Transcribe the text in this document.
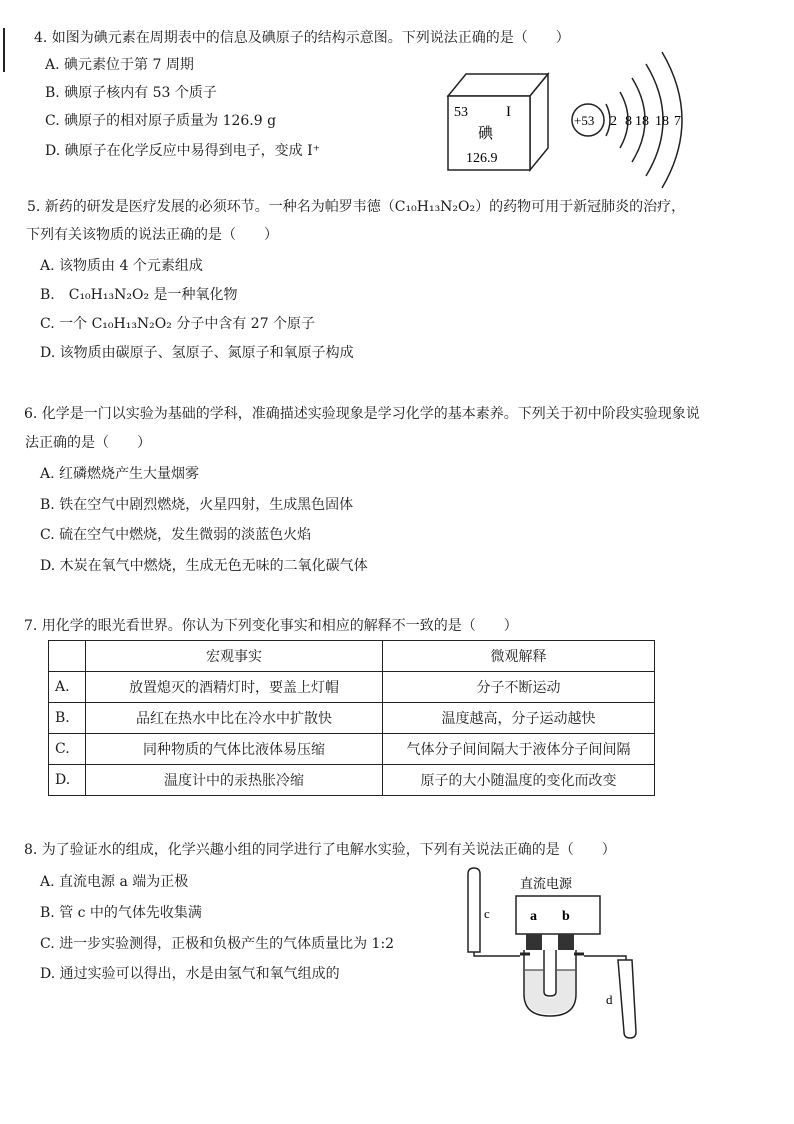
4. 如图为碘元素在周期表中的信息及碘原子的结构示意图。下列说法正确的是（　　）
A. 碘元素位于第 7 周期
B. 碘原子核内有 53 个质子
C. 碘原子的相对原子质量为 126.9 g
D. 碘原子在化学反应中易得到电子，变成 I⁺
53	I
碘
126.9
+53 2 8 18 18 7
5. 新药的研发是医疗发展的必须环节。一种名为帕罗韦德（C₁₀H₁₃N₂O₂）的药物可用于新冠肺炎的治疗，
下列有关该物质的说法正确的是（　　）
A. 该物质由 4 个元素组成
B.　C₁₀H₁₃N₂O₂ 是一种氧化物
C. 一个 C₁₀H₁₃N₂O₂ 分子中含有 27 个原子
D. 该物质由碳原子、氢原子、氮原子和氧原子构成
6. 化学是一门以实验为基础的学科，准确描述实验现象是学习化学的基本素养。下列关于初中阶段实验现象说
法正确的是（　　）
A. 红磷燃烧产生大量烟雾
B. 铁在空气中剧烈燃烧，火星四射，生成黑色固体
C. 硫在空气中燃烧，发生微弱的淡蓝色火焰
D. 木炭在氧气中燃烧，生成无色无味的二氧化碳气体
7. 用化学的眼光看世界。你认为下列变化事实和相应的解释不一致的是（　　）
	宏观事实	微观解释
A.	放置熄灭的酒精灯时，要盖上灯帽	分子不断运动
B.	品红在热水中比在冷水中扩散快	温度越高，分子运动越快
C.	同种物质的气体比液体易压缩	气体分子间间隔大于液体分子间间隔
D.	温度计中的汞热胀冷缩	原子的大小随温度的变化而改变
8. 为了验证水的组成，化学兴趣小组的同学进行了电解水实验，下列有关说法正确的是（　　）
A. 直流电源 a 端为正极
B. 管 c 中的气体先收集满
C. 进一步实验测得，正极和负极产生的气体质量比为 1:2
D. 通过实验可以得出，水是由氢气和氧气组成的
c
直流电源
a b
d
